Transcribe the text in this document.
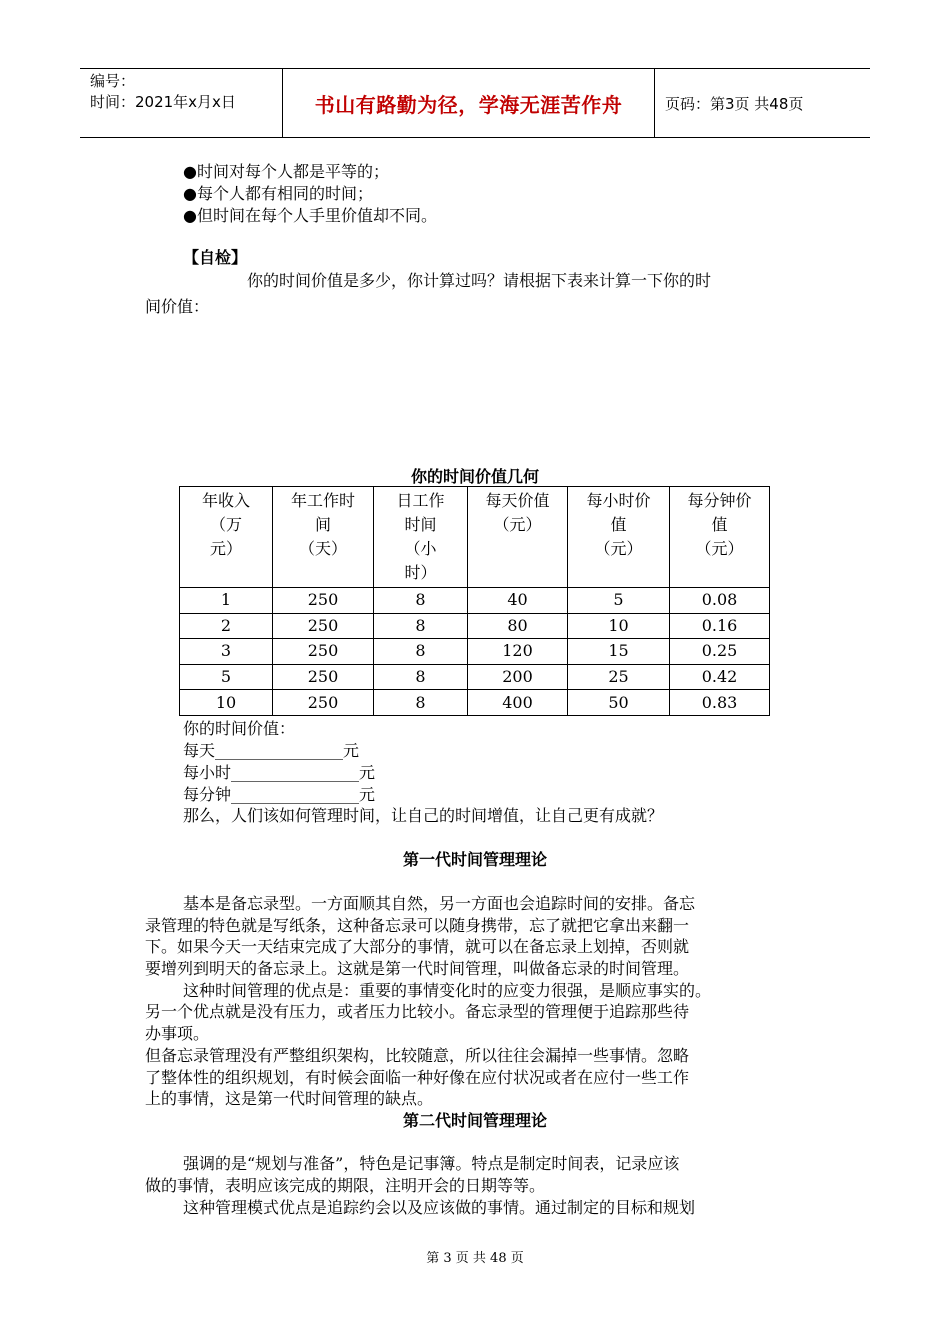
编号：
时间：2021年x月x日	书山有路勤为径，学海无涯苦作舟	页码：第3页 共48页
●时间对每个人都是平等的；
●每个人都有相同的时间；
●但时间在每个人手里价值却不同。
【自检】
你的时间价值是多少，你计算过吗？请根据下表来计算一下你的时
间价值：
你的时间价值几何
年收入
（万
元）	年工作时
间
（天）	日工作
时间
（小
时）	每天价值
（元）	每小时价
值
（元）	每分钟价
值
（元）
1	250	8	40	5	0.08
2	250	8	80	10	0.16
3	250	8	120	15	0.25
5	250	8	200	25	0.42
10	250	8	400	50	0.83
你的时间价值：
每天________________元
每小时________________元
每分钟________________元
那么，人们该如何管理时间，让自己的时间增值，让自己更有成就？
第一代时间管理理论
基本是备忘录型。一方面顺其自然，另一方面也会追踪时间的安排。备忘
录管理的特色就是写纸条，这种备忘录可以随身携带，忘了就把它拿出来翻一
下。如果今天一天结束完成了大部分的事情，就可以在备忘录上划掉，否则就
要增列到明天的备忘录上。这就是第一代时间管理，叫做备忘录的时间管理。
这种时间管理的优点是：重要的事情变化时的应变力很强，是顺应事实的。
另一个优点就是没有压力，或者压力比较小。备忘录型的管理便于追踪那些待
办事项。
但备忘录管理没有严整组织架构，比较随意，所以往往会漏掉一些事情。忽略
了整体性的组织规划，有时候会面临一种好像在应付状况或者在应付一些工作
上的事情，这是第一代时间管理的缺点。
第二代时间管理理论
强调的是“规划与准备”，特色是记事簿。特点是制定时间表，记录应该
做的事情，表明应该完成的期限，注明开会的日期等等。
这种管理模式优点是追踪约会以及应该做的事情。通过制定的目标和规划
第 3 页 共 48 页
